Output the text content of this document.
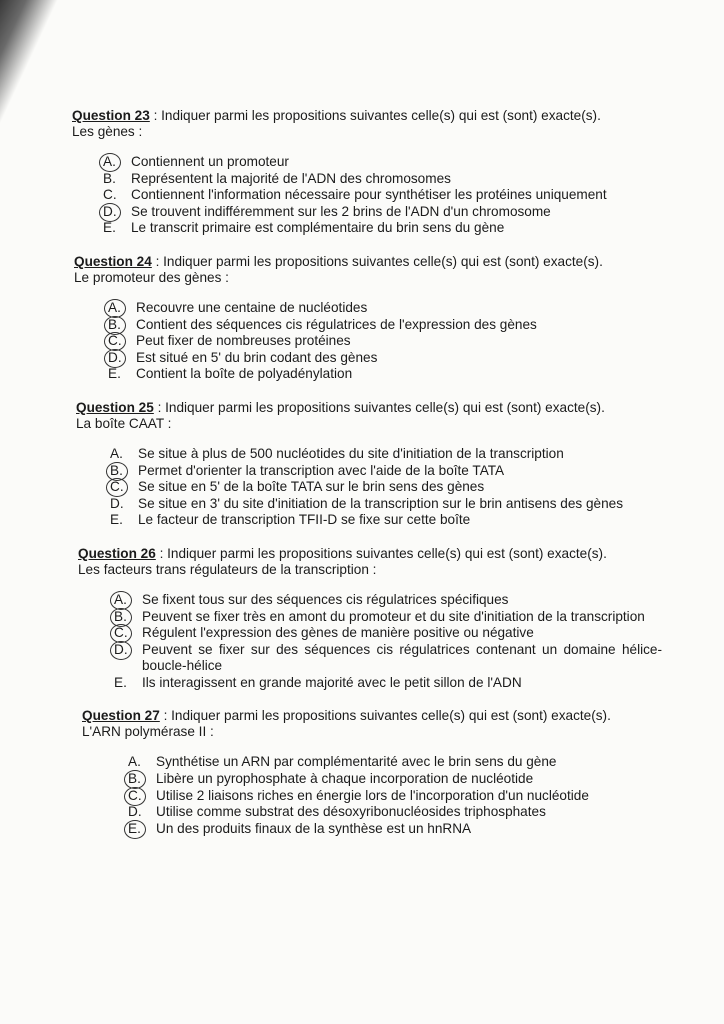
Question 23 : Indiquer parmi les propositions suivantes celle(s) qui est (sont) exacte(s).
Les gènes :
A.	Contiennent un promoteur
B.	Représentent la majorité de l'ADN des chromosomes
C.	Contiennent l'information nécessaire pour synthétiser les protéines uniquement
D.	Se trouvent indifféremment sur les 2 brins de l'ADN d'un chromosome
E.	Le transcrit primaire est complémentaire du brin sens du gène
Question 24 : Indiquer parmi les propositions suivantes celle(s) qui est (sont) exacte(s).
Le promoteur des gènes :
A.	Recouvre une centaine de nucléotides
B.	Contient des séquences cis régulatrices de l'expression des gènes
C.	Peut fixer de nombreuses protéines
D.	Est situé en 5' du brin codant des gènes
E.	Contient la boîte de polyadénylation
Question 25 : Indiquer parmi les propositions suivantes celle(s) qui est (sont) exacte(s).
La boîte CAAT :
A.	Se situe à plus de 500 nucléotides du site d'initiation de la transcription
B.	Permet d'orienter la transcription avec l'aide de la boîte TATA
C.	Se situe en 5' de la boîte TATA sur le brin sens des gènes
D.	Se situe en 3' du site d'initiation de la transcription sur le brin antisens des gènes
E.	Le facteur de transcription TFII-D se fixe sur cette boîte
Question 26 : Indiquer parmi les propositions suivantes celle(s) qui est (sont) exacte(s).
Les facteurs trans régulateurs de la transcription :
A.	Se fixent tous sur des séquences cis régulatrices spécifiques
B.	Peuvent se fixer très en amont du promoteur et du site d'initiation de la transcription
C.	Régulent l'expression des gènes de manière positive ou négative
D.	Peuvent se fixer sur des séquences cis régulatrices contenant un domaine hélice-boucle-hélice
E.	Ils interagissent en grande majorité avec le petit sillon de l'ADN
Question 27 : Indiquer parmi les propositions suivantes celle(s) qui est (sont) exacte(s).
L'ARN polymérase II :
A.	Synthétise un ARN par complémentarité avec le brin sens du gène
B.	Libère un pyrophosphate à chaque incorporation de nucléotide
C.	Utilise 2 liaisons riches en énergie lors de l'incorporation d'un nucléotide
D.	Utilise comme substrat des désoxyribonucléosides triphosphates
E.	Un des produits finaux de la synthèse est un hnRNA
